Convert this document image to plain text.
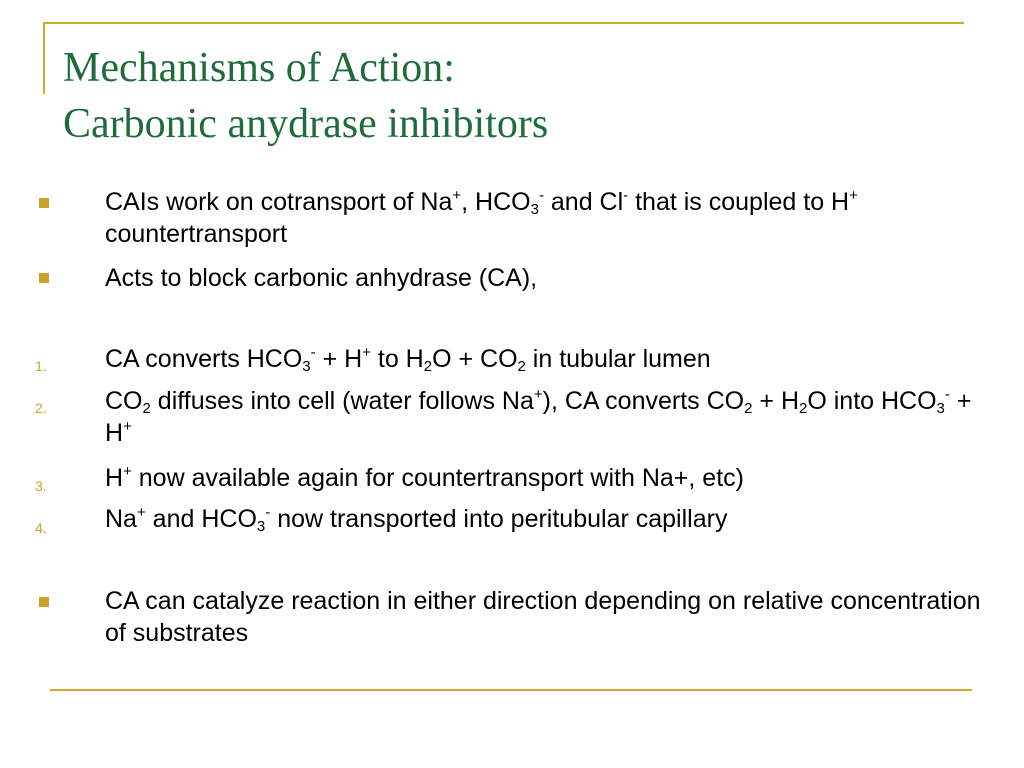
Mechanisms of Action:
Carbonic anydrase inhibitors
CAIs work on cotransport of Na+, $HCO_3^-$ and Cl- that is coupled to H+ countertransport
Acts to block carbonic anhydrase (CA),
1. CA converts $HCO_3^- + H^+$ to $H_2O + CO_2$ in tubular lumen
2. $CO_2$ diffuses into cell (water follows Na+), CA converts $CO_2 + H_2O$ into $HCO_3^- + H^+$
3. H+ now available again for countertransport with Na+, etc)
4. Na+ and $HCO_3^-$ now transported into peritubular capillary
CA can catalyze reaction in either direction depending on relative concentration of substrates
